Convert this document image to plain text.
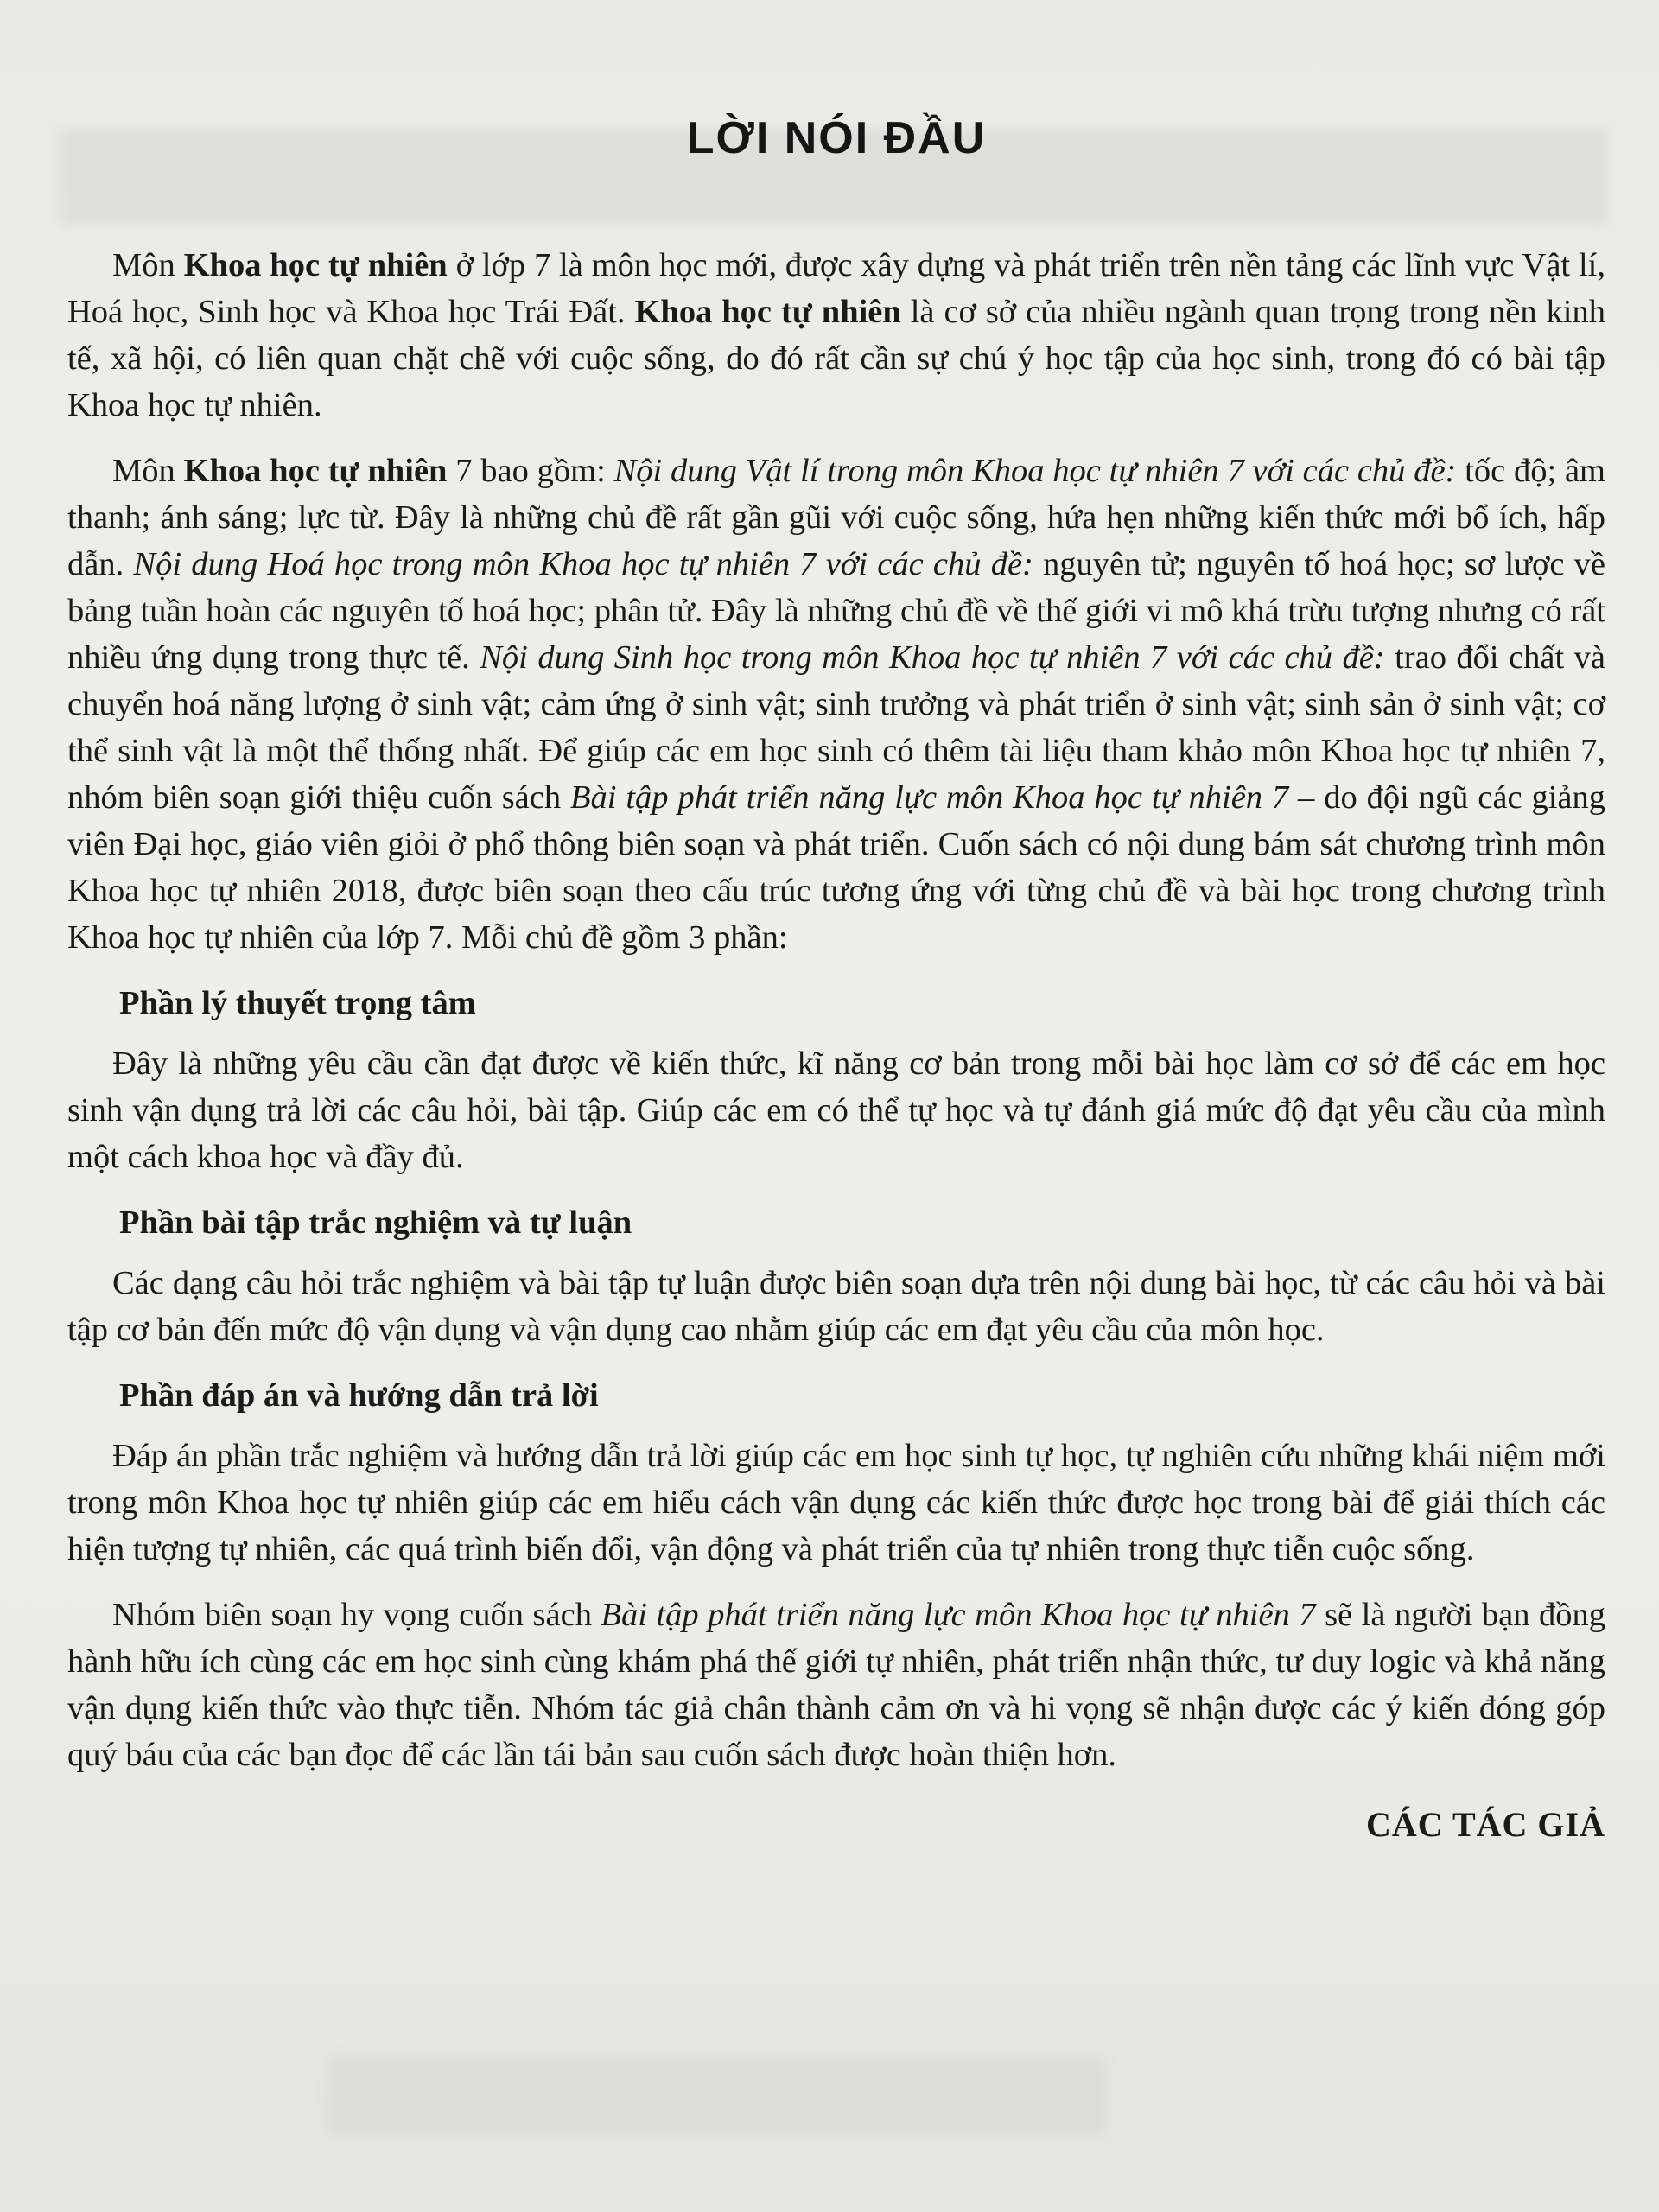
LỜI NÓI ĐẦU

Môn Khoa học tự nhiên ở lớp 7 là môn học mới, được xây dựng và phát triển trên nền tảng các lĩnh vực Vật lí, Hoá học, Sinh học và Khoa học Trái Đất. Khoa học tự nhiên là cơ sở của nhiều ngành quan trọng trong nền kinh tế, xã hội, có liên quan chặt chẽ với cuộc sống, do đó rất cần sự chú ý học tập của học sinh, trong đó có bài tập Khoa học tự nhiên.

Môn Khoa học tự nhiên 7 bao gồm: Nội dung Vật lí trong môn Khoa học tự nhiên 7 với các chủ đề: tốc độ; âm thanh; ánh sáng; lực từ. Đây là những chủ đề rất gần gũi với cuộc sống, hứa hẹn những kiến thức mới bổ ích, hấp dẫn. Nội dung Hoá học trong môn Khoa học tự nhiên 7 với các chủ đề: nguyên tử; nguyên tố hoá học; sơ lược về bảng tuần hoàn các nguyên tố hoá học; phân tử. Đây là những chủ đề về thế giới vi mô khá trừu tượng nhưng có rất nhiều ứng dụng trong thực tế. Nội dung Sinh học trong môn Khoa học tự nhiên 7 với các chủ đề: trao đổi chất và chuyển hoá năng lượng ở sinh vật; cảm ứng ở sinh vật; sinh trưởng và phát triển ở sinh vật; sinh sản ở sinh vật; cơ thể sinh vật là một thể thống nhất. Để giúp các em học sinh có thêm tài liệu tham khảo môn Khoa học tự nhiên 7, nhóm biên soạn giới thiệu cuốn sách Bài tập phát triển năng lực môn Khoa học tự nhiên 7 – do đội ngũ các giảng viên Đại học, giáo viên giỏi ở phổ thông biên soạn và phát triển. Cuốn sách có nội dung bám sát chương trình môn Khoa học tự nhiên 2018, được biên soạn theo cấu trúc tương ứng với từng chủ đề và bài học trong chương trình Khoa học tự nhiên của lớp 7. Mỗi chủ đề gồm 3 phần:

Phần lý thuyết trọng tâm

Đây là những yêu cầu cần đạt được về kiến thức, kĩ năng cơ bản trong mỗi bài học làm cơ sở để các em học sinh vận dụng trả lời các câu hỏi, bài tập. Giúp các em có thể tự học và tự đánh giá mức độ đạt yêu cầu của mình một cách khoa học và đầy đủ.

Phần bài tập trắc nghiệm và tự luận

Các dạng câu hỏi trắc nghiệm và bài tập tự luận được biên soạn dựa trên nội dung bài học, từ các câu hỏi và bài tập cơ bản đến mức độ vận dụng và vận dụng cao nhằm giúp các em đạt yêu cầu của môn học.

Phần đáp án và hướng dẫn trả lời

Đáp án phần trắc nghiệm và hướng dẫn trả lời giúp các em học sinh tự học, tự nghiên cứu những khái niệm mới trong môn Khoa học tự nhiên giúp các em hiểu cách vận dụng các kiến thức được học trong bài để giải thích các hiện tượng tự nhiên, các quá trình biến đổi, vận động và phát triển của tự nhiên trong thực tiễn cuộc sống.

Nhóm biên soạn hy vọng cuốn sách Bài tập phát triển năng lực môn Khoa học tự nhiên 7 sẽ là người bạn đồng hành hữu ích cùng các em học sinh cùng khám phá thế giới tự nhiên, phát triển nhận thức, tư duy logic và khả năng vận dụng kiến thức vào thực tiễn. Nhóm tác giả chân thành cảm ơn và hi vọng sẽ nhận được các ý kiến đóng góp quý báu của các bạn đọc để các lần tái bản sau cuốn sách được hoàn thiện hơn.

CÁC TÁC GIẢ
